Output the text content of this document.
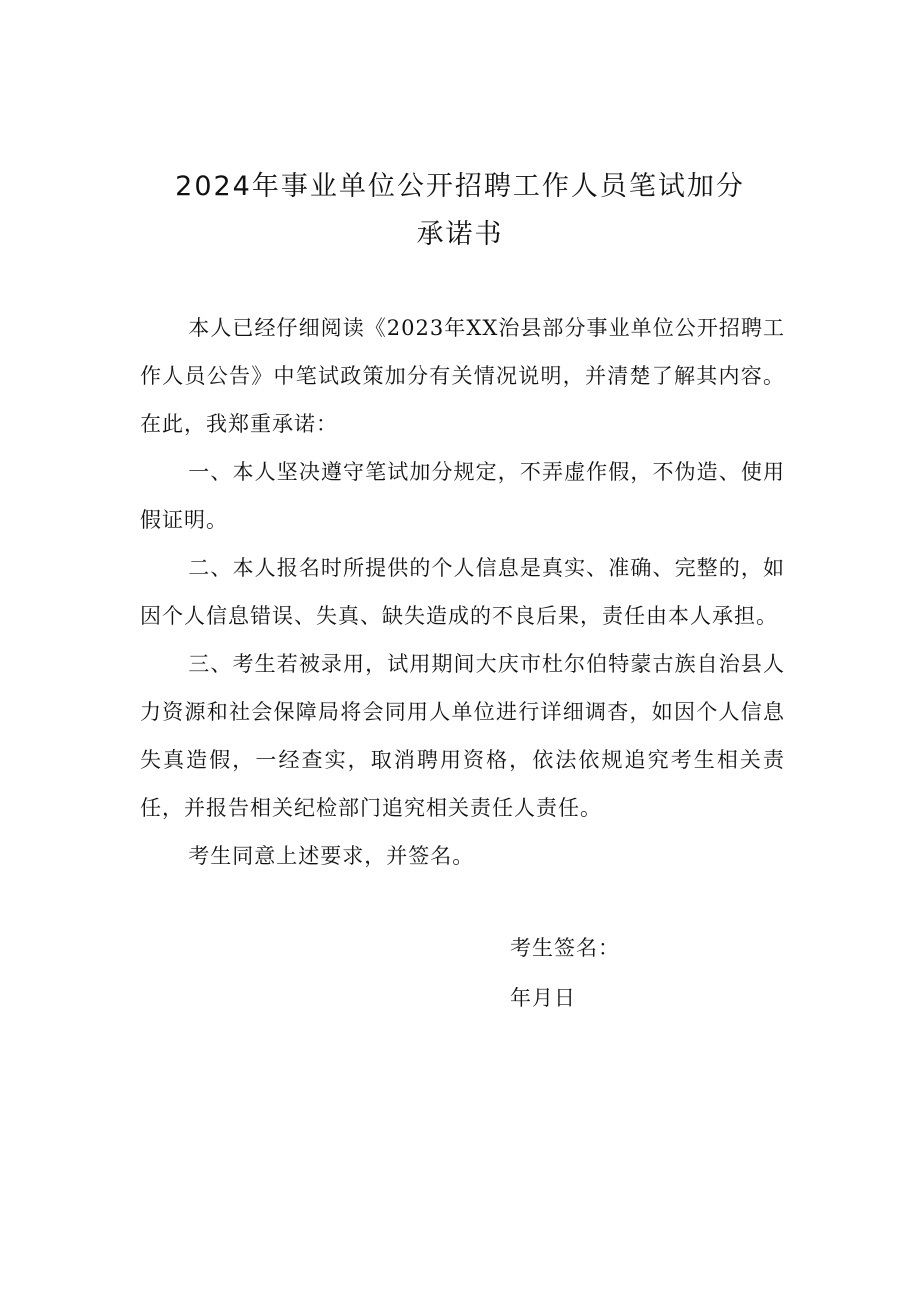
2024年事业单位公开招聘工作人员笔试加分
承诺书

本人已经仔细阅读《2023年XX治县部分事业单位公开招聘工作人员公告》中笔试政策加分有关情况说明，并清楚了解其内容。在此，我郑重承诺：

一、本人坚决遵守笔试加分规定，不弄虚作假，不伪造、使用假证明。

二、本人报名时所提供的个人信息是真实、准确、完整的，如因个人信息错误、失真、缺失造成的不良后果，责任由本人承担。

三、考生若被录用，试用期间大庆市杜尔伯特蒙古族自治县人力资源和社会保障局将会同用人单位进行详细调杳，如因个人信息失真造假，一经查实，取消聘用资格，依法依规追究考生相关责任，并报告相关纪检部门追究相关责任人责任。

考生同意上述要求，并签名。

考生签名：
年月日
